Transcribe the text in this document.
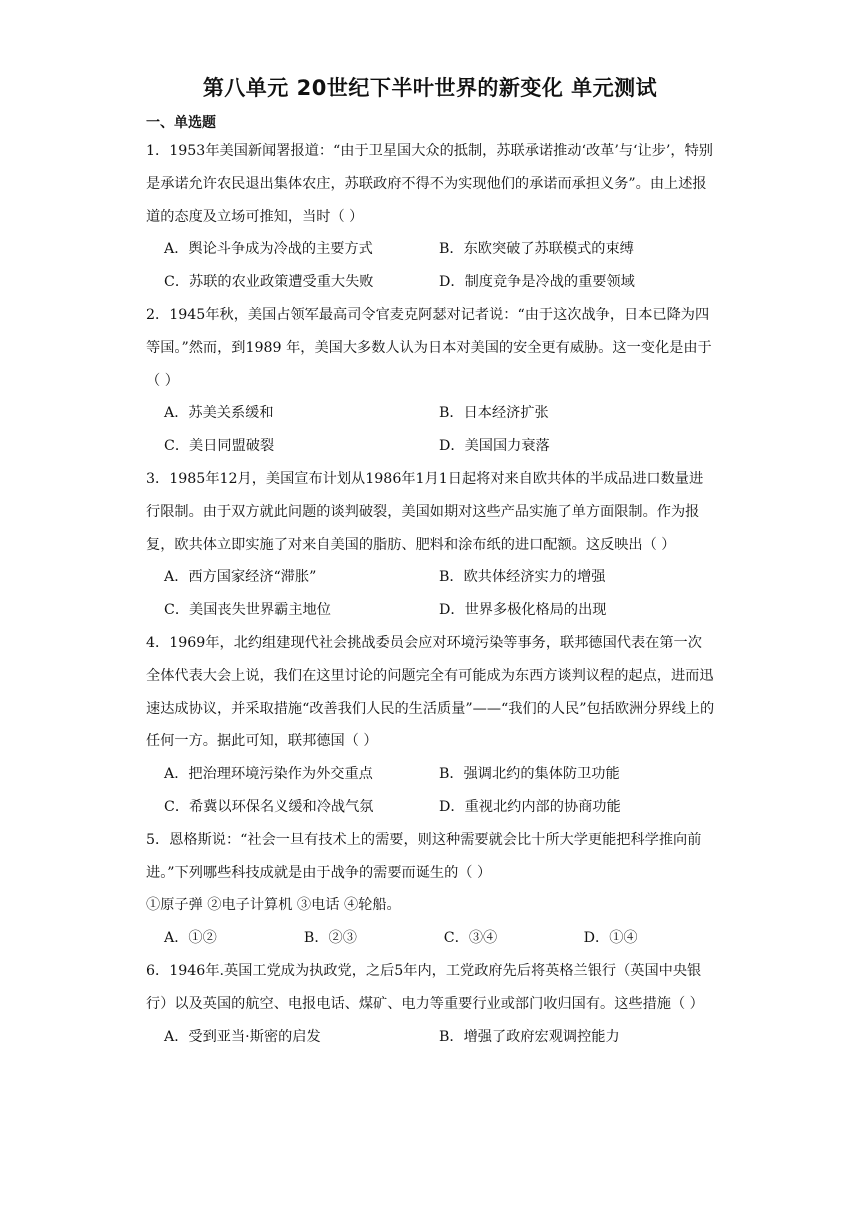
第八单元 20世纪下半叶世界的新变化 单元测试
一、单选题

1．1953年美国新闻署报道：“由于卫星国大众的抵制，苏联承诺推动‘改革’与‘让步’，特别是承诺允许农民退出集体农庄，苏联政府不得不为实现他们的承诺而承担义务”。由上述报道的态度及立场可推知，当时（ ）

A．舆论斗争成为冷战的主要方式	B．东欧突破了苏联模式的束缚
C．苏联的农业政策遭受重大失败	D．制度竞争是冷战的重要领域

2．1945年秋，美国占领军最高司令官麦克阿瑟对记者说：“由于这次战争，日本已降为四等国。”然而，到1989 年，美国大多数人认为日本对美国的安全更有威胁。这一变化是由于（ ）

A．苏美关系缓和	B．日本经济扩张
C．美日同盟破裂	D．美国国力衰落

3．1985年12月，美国宣布计划从1986年1月1日起将对来自欧共体的半成品进口数量进行限制。由于双方就此问题的谈判破裂，美国如期对这些产品实施了单方面限制。作为报复，欧共体立即实施了对来自美国的脂肪、肥料和涂布纸的进口配额。这反映出（ ）

A．西方国家经济“滞胀”	B．欧共体经济实力的增强
C．美国丧失世界霸主地位	D．世界多极化格局的出现

4．1969年，北约组建现代社会挑战委员会应对环境污染等事务，联邦德国代表在第一次全体代表大会上说，我们在这里讨论的问题完全有可能成为东西方谈判议程的起点，进而迅速达成协议，并采取措施“改善我们人民的生活质量”——“我们的人民”包括欧洲分界线上的任何一方。据此可知，联邦德国（ ）

A．把治理环境污染作为外交重点	B．强调北约的集体防卫功能
C．希冀以环保名义缓和冷战气氛	D．重视北约内部的协商功能

5．恩格斯说：“社会一旦有技术上的需要，则这种需要就会比十所大学更能把科学推向前进。”下列哪些科技成就是由于战争的需要而诞生的（ ）

①原子弹 ②电子计算机 ③电话 ④轮船。

A．①②	B．②③	C．③④	D．①④

6．1946年.英国工党成为执政党，之后5年内，工党政府先后将英格兰银行（英国中央银行）以及英国的航空、电报电话、煤矿、电力等重要行业或部门收归国有。这些措施（ ）

A．受到亚当·斯密的启发	B．增强了政府宏观调控能力
